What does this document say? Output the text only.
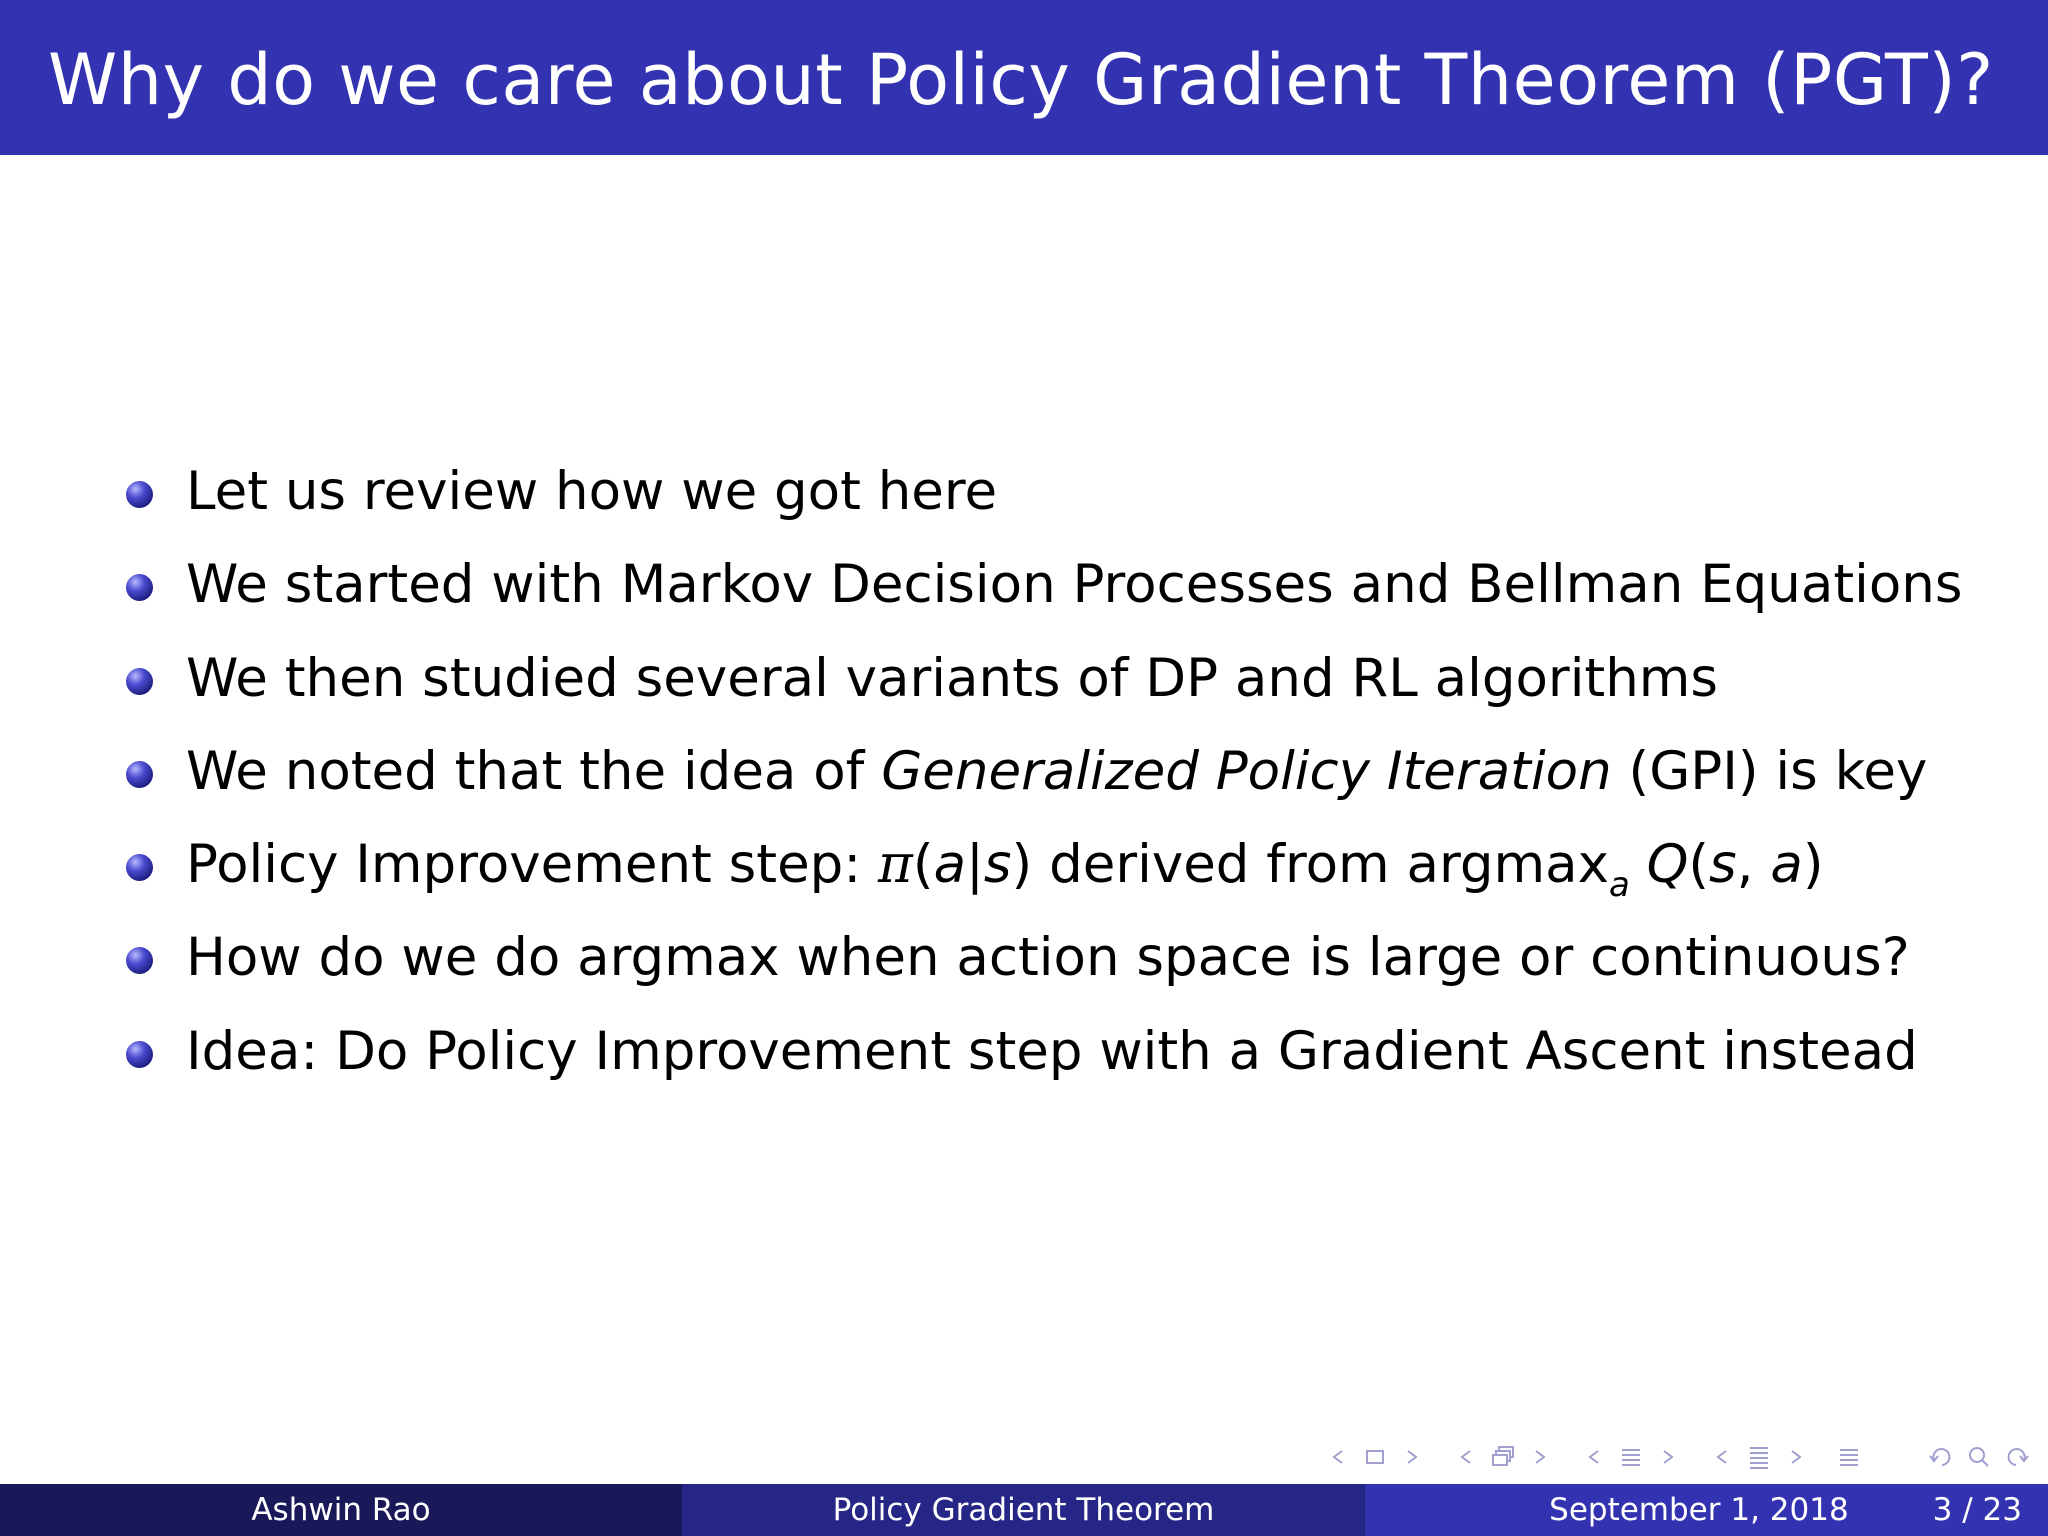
Why do we care about Policy Gradient Theorem (PGT)?
Let us review how we got here
We started with Markov Decision Processes and Bellman Equations
We then studied several variants of DP and RL algorithms
We noted that the idea of Generalized Policy Iteration (GPI) is key
Policy Improvement step: π(a|s) derived from argmax$_a$ Q(s, a)
How do we do argmax when action space is large or continuous?
Idea: Do Policy Improvement step with a Gradient Ascent instead
Ashwin Rao	Policy Gradient Theorem	September 1, 2018	3 / 23
